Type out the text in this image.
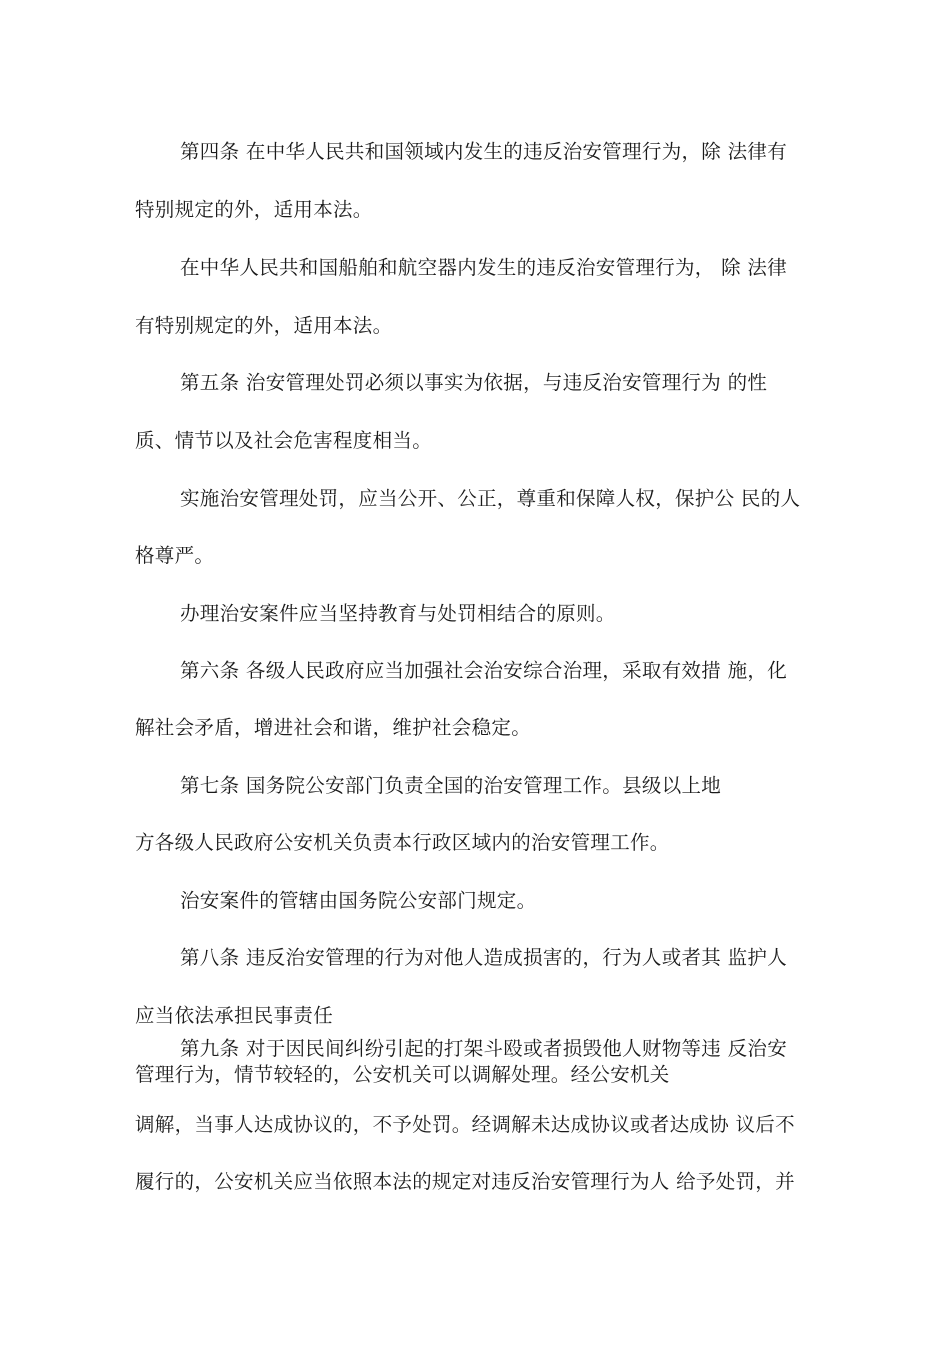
第四条 在中华人民共和国领域内发生的违反治安管理行为，除 法律有
特别规定的外，适用本法。
在中华人民共和国船舶和航空器内发生的违反治安管理行为， 除 法律
有特别规定的外，适用本法。
第五条 治安管理处罚必须以事实为依据，与违反治安管理行为 的性
质、情节以及社会危害程度相当。
实施治安管理处罚，应当公开、公正，尊重和保障人权，保护公 民的人
格尊严。
办理治安案件应当坚持教育与处罚相结合的原则。
第六条 各级人民政府应当加强社会治安综合治理，采取有效措 施，化
解社会矛盾，增进社会和谐，维护社会稳定。
第七条 国务院公安部门负责全国的治安管理工作。县级以上地
方各级人民政府公安机关负责本行政区域内的治安管理工作。
治安案件的管辖由国务院公安部门规定。
第八条 违反治安管理的行为对他人造成损害的，行为人或者其 监护人
应当依法承担民事责任
第九条 对于因民间纠纷引起的打架斗殴或者损毁他人财物等违 反治安
管理行为，情节较轻的，公安机关可以调解处理。经公安机关
调解，当事人达成协议的，不予处罚。经调解未达成协议或者达成协 议后不
履行的，公安机关应当依照本法的规定对违反治安管理行为人 给予处罚，并
